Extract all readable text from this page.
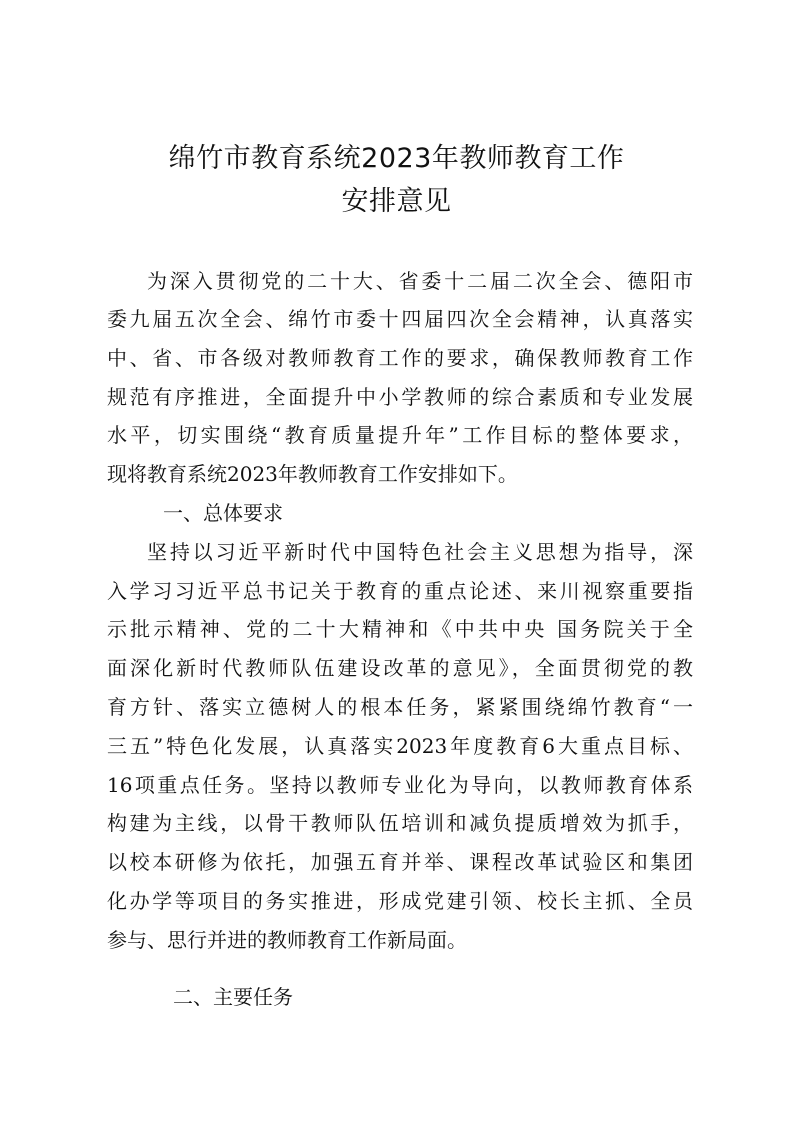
绵竹市教育系统2023年教师教育工作
安排意见
为深入贯彻党的二十大、省委十二届二次全会、德阳市
委九届五次全会、绵竹市委十四届四次全会精神，认真落实
中、省、市各级对教师教育工作的要求，确保教师教育工作
规范有序推进，全面提升中小学教师的综合素质和专业发展
水平，切实围绕“教育质量提升年”工作目标的整体要求，
现将教育系统2023年教师教育工作安排如下。
一、总体要求
坚持以习近平新时代中国特色社会主义思想为指导，深
入学习习近平总书记关于教育的重点论述、来川视察重要指
示批示精神、党的二十大精神和《中共中央 国务院关于全
面深化新时代教师队伍建设改革的意见》，全面贯彻党的教
育方针、落实立德树人的根本任务，紧紧围绕绵竹教育“一
三五”特色化发展，认真落实2023年度教育6大重点目标、
16项重点任务。坚持以教师专业化为导向，以教师教育体系
构建为主线，以骨干教师队伍培训和减负提质增效为抓手，
以校本研修为依托，加强五育并举、课程改革试验区和集团
化办学等项目的务实推进，形成党建引领、校长主抓、全员
参与、思行并进的教师教育工作新局面。
二、主要任务
